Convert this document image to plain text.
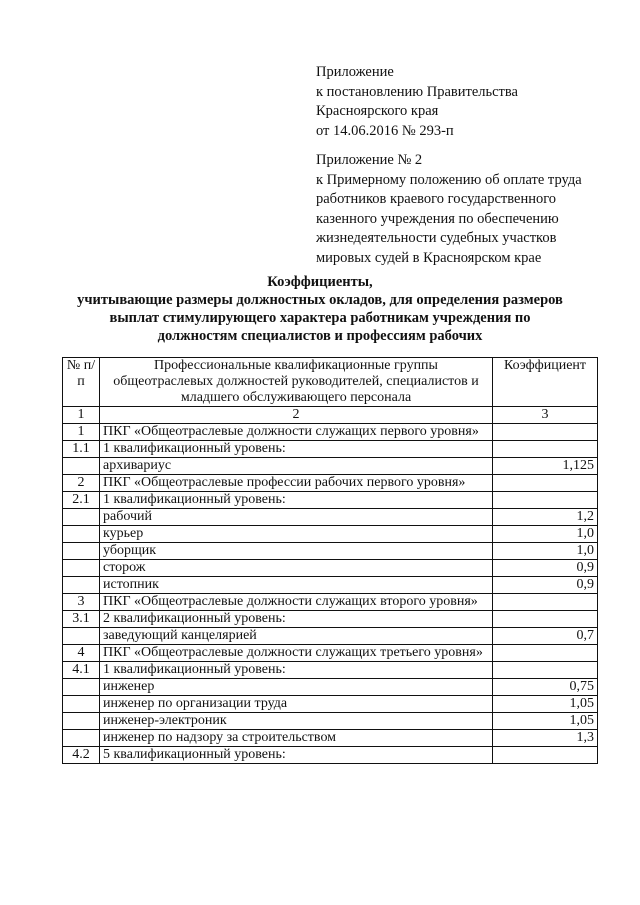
Приложение
к постановлению Правительства
Красноярского края
от 14.06.2016 № 293-п
Приложение № 2
к Примерному положению об оплате труда
работников краевого государственного
казенного учреждения по обеспечению
жизнедеятельности судебных участков
мировых судей в Красноярском крае
Коэффициенты,
учитывающие размеры должностных окладов, для определения размеров
выплат стимулирующего характера работникам учреждения по
должностям специалистов и профессиям рабочих
№ п/п	Профессиональные квалификационные группы общеотраслевых должностей руководителей, специалистов и младшего обслуживающего персонала	Коэффициент
1	2	3
1	ПКГ «Общеотраслевые должности служащих первого уровня»	
1.1	1 квалификационный уровень:	
	архивариус	1,125
2	ПКГ «Общеотраслевые профессии рабочих первого уровня»	
2.1	1 квалификационный уровень:	
	рабочий	1,2
	курьер	1,0
	уборщик	1,0
	сторож	0,9
	истопник	0,9
3	ПКГ «Общеотраслевые должности служащих второго уровня»	
3.1	2 квалификационный уровень:	
	заведующий канцелярией	0,7
4	ПКГ «Общеотраслевые должности служащих третьего уровня»	
4.1	1 квалификационный уровень:	
	инженер	0,75
	инженер по организации труда	1,05
	инженер-электроник	1,05
	инженер по надзору за строительством	1,3
4.2	5 квалификационный уровень:	
